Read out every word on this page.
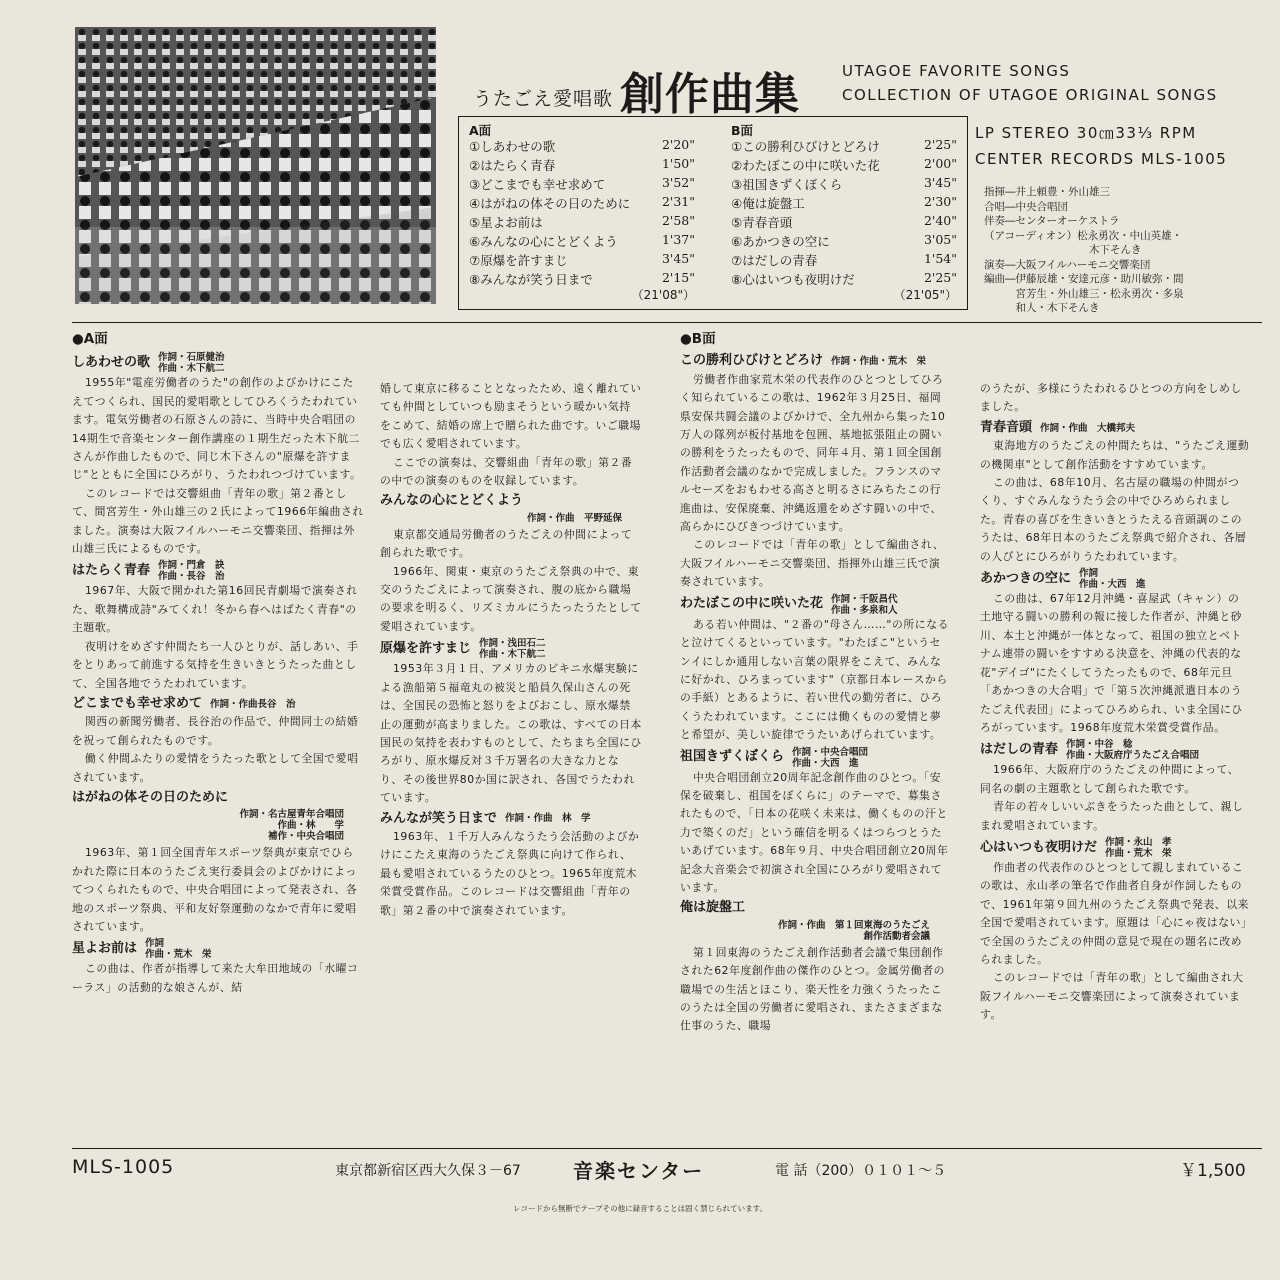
うたごえ愛唱歌 創作曲集	UTAGOE FAVORITE SONGS
COLLECTION OF UTAGOE ORIGINAL SONGS
A面
①しあわせの歌	2'20"
②はたらく青春	1'50"
③どこまでも幸せ求めて	3'52"
④はがねの体その日のために	2'31"
⑤星よお前は	2'58"
⑥みんなの心にとどくよう	1'37"
⑦原爆を許すまじ	3'45"
⑧みんなが笑う日まで	2'15"
（21'08"）
B面
①この勝利ひびけとどろけ	2'25"
②わたぼこの中に咲いた花	2'00"
③祖国きずくぼくら	3'45"
④俺は旋盤工	2'30"
⑤青春音頭	2'40"
⑥あかつきの空に	3'05"
⑦はだしの青春	1'54"
⑧心はいつも夜明けだ	2'25"
（21'05"）
LP STEREO 30㎝33⅓ RPM
CENTER RECORDS MLS-1005
指揮―井上頼豊・外山雄三
合唱―中央合唱団
伴奏―センターオーケストラ
（アコーディオン）松永勇次・中山英雄・
　　　　　　　　　　木下そんき
演奏―大阪フイルハーモニ交響楽団
編曲―伊藤辰雄・安達元彦・助川敏弥・間
　　　宮芳生・外山雄三・松永勇次・多泉
　　　和人・木下そんき
●A面
しあわせの歌 作詞・石原健治
作曲・木下航二

1955年"電産労働者のうた"の創作のよびかけにこたえてつくられ、国民的愛唱歌としてひろくうたわれています。電気労働者の石原さんの詩に、当時中央合唱団の14期生で音楽センター創作講座の１期生だった木下航二さんが作曲したもので、同じ木下さんの"原爆を許すまじ"とともに全国にひろがり、うたわれつづけています。

このレコードでは交響組曲「青年の歌」第２番として、間宮芳生・外山雄三の２氏によって1966年編曲されました。演奏は大阪フイルハーモニ交響楽団、指揮は外山雄三氏によるものです。

はたらく青春 作詞・門倉　訣
作曲・長谷　治

1967年、大阪で開かれた第16回民青劇場で演奏された、歌舞構成詩"みてくれ！冬から春へはばたく青春"の主題歌。

夜明けをめざす仲間たち一人ひとりが、話しあい、手をとりあって前進する気持を生きいきとうたった曲として、全国各地でうたわれています。

どこまでも幸せ求めて 作詞・作曲長谷　治

関西の新聞労働者、長谷治の作品で、仲間同士の結婚を祝って創られたものです。

働く仲間ふたりの愛情をうたった歌として全国で愛唱されています。

はがねの体その日のために
作詞・名古屋青年合唱団
作曲・林　　学
補作・中央合唱団

1963年、第１回全国青年スポーツ祭典が東京でひらかれた際に日本のうたごえ実行委員会のよびかけによってつくられたもので、中央合唱団によって発表され、各地のスポーツ祭典、平和友好祭運動のなかで青年に愛唱されています。

星よお前は 作詞
作曲・荒木　栄

この曲は、作者が指導して来た大牟田地域の「水曜コーラス」の活動的な娘さんが、結

婚して東京に移ることとなったため、遠く離れていても仲間としていつも励まそうという暖かい気持をこめて、結婚の席上で贈られた曲です。いご職場でも広く愛唱されています。

ここでの演奏は、交響組曲「青年の歌」第２番の中での演奏のものを収録しています。

みんなの心にとどくよう
作詞・作曲　平野延保

東京都交通局労働者のうたごえの仲間によって創られた歌です。

1966年、関東・東京のうたごえ祭典の中で、東交のうたごえによって演奏され、腹の底から職場の要求を明るく、リズミカルにうたったうたとして愛唱されています。

原爆を許すまじ 作詞・浅田石二
作曲・木下航二

1953年３月１日、アメリカのビキニ水爆実験による漁船第５福竜丸の被災と船員久保山さんの死は、全国民の恐怖と怒りをよびおこし、原水爆禁止の運動が高まりました。この歌は、すべての日本国民の気持を表わすものとして、たちまち全国にひろがり、原水爆反対３千万署名の大きな力となり、その後世界80か国に訳され、各国でうたわれています。

みんなが笑う日まで 作詞・作曲　林　学

1963年、１千万人みんなうたう会活動のよびかけにこたえ東海のうたごえ祭典に向けて作られ、最も愛唱されているうたのひとつ。1965年度荒木栄賞受賞作品。このレコードは交響組曲「青年の歌」第２番の中で演奏されています。

●B面
この勝利ひびけとどろけ 作詞・作曲・荒木　栄

労働者作曲家荒木栄の代表作のひとつとしてひろく知られているこの歌は、1962年３月25日、福岡県安保共闘会議のよびかけで、全九州から集った10万人の隊列が板付基地を包囲、基地拡張阻止の闘いの勝利をうたったもので、同年４月、第１回全国創作活動者会議のなかで完成しました。フランスのマルセーズをおもわせる高さと明るさにみちたこの行進曲は、安保廃棄、沖縄返還をめざす闘いの中で、高らかにひびきつづけています。

このレコードでは「青年の歌」として編曲され、大阪フイルハーモニ交響楽団、指揮外山雄三氏で演奏されています。

わたぼこの中に咲いた花 作詞・千阪昌代
作曲・多泉和人

ある若い仲間は、"２番の"母さん……"の所になると泣けてくるといっています。"わたぼこ"というセンイにしか通用しない言葉の限界をこえて、みんなに好かれ、ひろまっています"（京都日本レースからの手紙）とあるように、若い世代の勤労者に、ひろくうたわれています。ここには働くものの愛情と夢と希望が、美しい旋律でうたいあげられています。

祖国きずくぼくら 作詞・中央合唱団
作曲・大西　進

中央合唱団創立20周年記念創作曲のひとつ。「安保を破棄し、祖国をぼくらに」のテーマで、募集されたもので、「日本の花咲く未来は、働くものの汗と力で築くのだ」という確信を明るくはつらつとうたいあげています。68年９月、中央合唱団創立20周年記念大音楽会で初演され全国にひろがり愛唱されています。

俺は旋盤工
作詞・作曲　第１回東海のうたごえ
創作活動者会議

第１回東海のうたごえ創作活動者会議で集団創作された62年度創作曲の傑作のひとつ。金属労働者の職場での生活とほこり、楽天性を力強くうたったこのうたは全国の労働者に愛唱され、またさまざまな仕事のうた、職場

のうたが、多様にうたわれるひとつの方向をしめしました。

青春音頭 作詞・作曲　大橋邦夫

東海地方のうたごえの仲間たちは、"うたごえ運動の機関車"として創作活動をすすめています。

この曲は、68年10月、名古屋の職場の仲間がつくり、すぐみんなうたう会の中でひろめられました。青春の喜びを生きいきとうたえる音頭調のこのうたは、68年日本のうたごえ祭典で紹介され、各層の人びとにひろがりうたわれています。

あかつきの空に 作詞
作曲・大西　進

この曲は、67年12月沖縄・喜屋武（キャン）の土地守る闘いの勝利の報に接した作者が、沖縄と砂川、本土と沖縄が一体となって、祖国の独立とベトナム連帯の闘いをすすめる決意を、沖縄の代表的な花"デイゴ"にたくしてうたったもので、68年元旦「あかつきの大合唱」で「第５次沖縄派遣日本のうたごえ代表団」によってひろめられ、いま全国にひろがっています。1968年度荒木栄賞受賞作品。

はだしの青春 作詞・中谷　稔
作曲・大阪府庁うたごえ合唱団

1966年、大阪府庁のうたごえの仲間によって、同名の劇の主題歌として創られた歌です。

青年の若々しいいぶきをうたった曲として、親しまれ愛唱されています。

心はいつも夜明けだ 作詞・永山　孝
作曲・荒木　栄

作曲者の代表作のひとつとして親しまれているこの歌は、永山孝の筆名で作曲者自身が作詞したもので、1961年第９回九州のうたごえ祭典で発表、以来全国で愛唱されています。原題は「心にゃ夜はない」で全国のうたごえの仲間の意見で現在の題名に改められました。

このレコードでは「青年の歌」として編曲され大阪フイルハーモニ交響楽団によって演奏されています。

MLS-1005	東京都新宿区西大久保３－67	音楽センター	電 話（200）０１０１～５	￥1,500
レコードから無断でテープその他に録音することは固く禁じられています。
